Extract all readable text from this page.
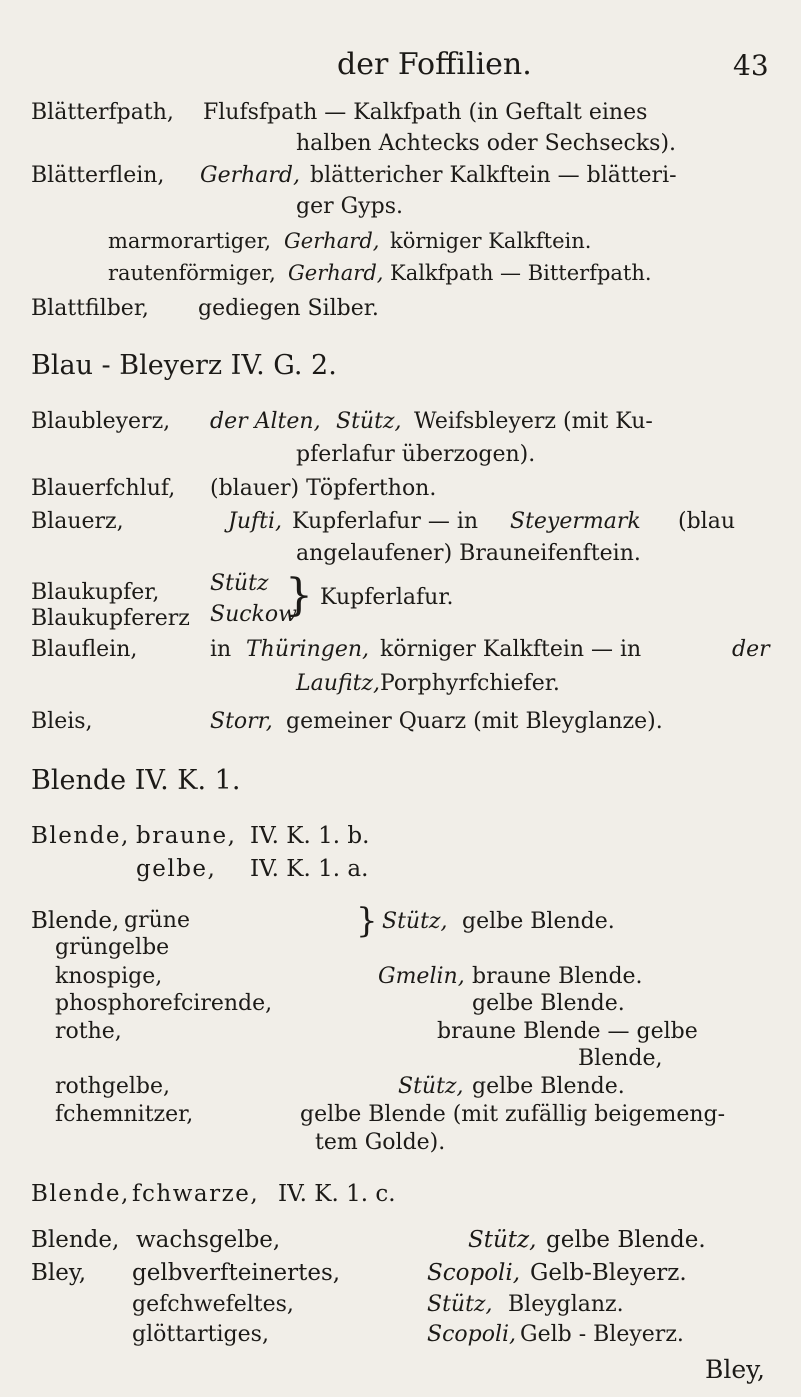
der Foffilien.	43
Blätterfpath, Flufsfpath — Kalkfpath (in Geftalt eines
halben Achtecks oder Sechsecks).
Blätterflein, Gerhard, blättericher Kalkftein — blätteri-
ger Gyps.
marmorartiger, Gerhard, körniger Kalkftein.
rautenförmiger, Gerhard, Kalkfpath — Bitterfpath.
Blattfilber, gediegen Silber.
Blau - Bleyerz IV. G. 2.
Blaubleyerz, der Alten, Stütz, Weifsbleyerz (mit Ku-
pferlafur überzogen).
Blauerfchluf, (blauer) Töpferthon.
Blauerz,	Jufti, Kupferlafur — in Steyermark (blau
angelaufener) Brauneifenftein.
Blaukupfer, Stütz } Kupferlafur.
Blaukupfererz Suckow
Blauflein,	in Thüringen, körniger Kalkftein — in	der
Laufitz, Porphyrfchiefer.
Bleis,	Storr, gemeiner Quarz (mit Bleyglanze).
Blende IV. K. 1.
Blende, braune, IV. K. 1. b.
gelbe, IV. K. 1. a.
Blende, grüne	} Stütz, gelbe Blende.
grüngelbe
knospige,	Gmelin, braune Blende.
phosphorefcirende,	gelbe Blende.
rothe,	braune Blende — gelbe
Blende,
rothgelbe,	Stütz, gelbe Blende.
fchemnitzer,	gelbe Blende (mit zufällig beigemeng-
tem Golde).
Blende, fchwarze, IV. K. 1. c.
Blende, wachsgelbe,	Stütz, gelbe Blende.
Bley, gelbverfteinertes,	Scopoli, Gelb-Bleyerz.
gefchwefeltes,	Stütz, Bleyglanz.
glöttartiges,	Scopoli, Gelb - Bleyerz.
Bley,
